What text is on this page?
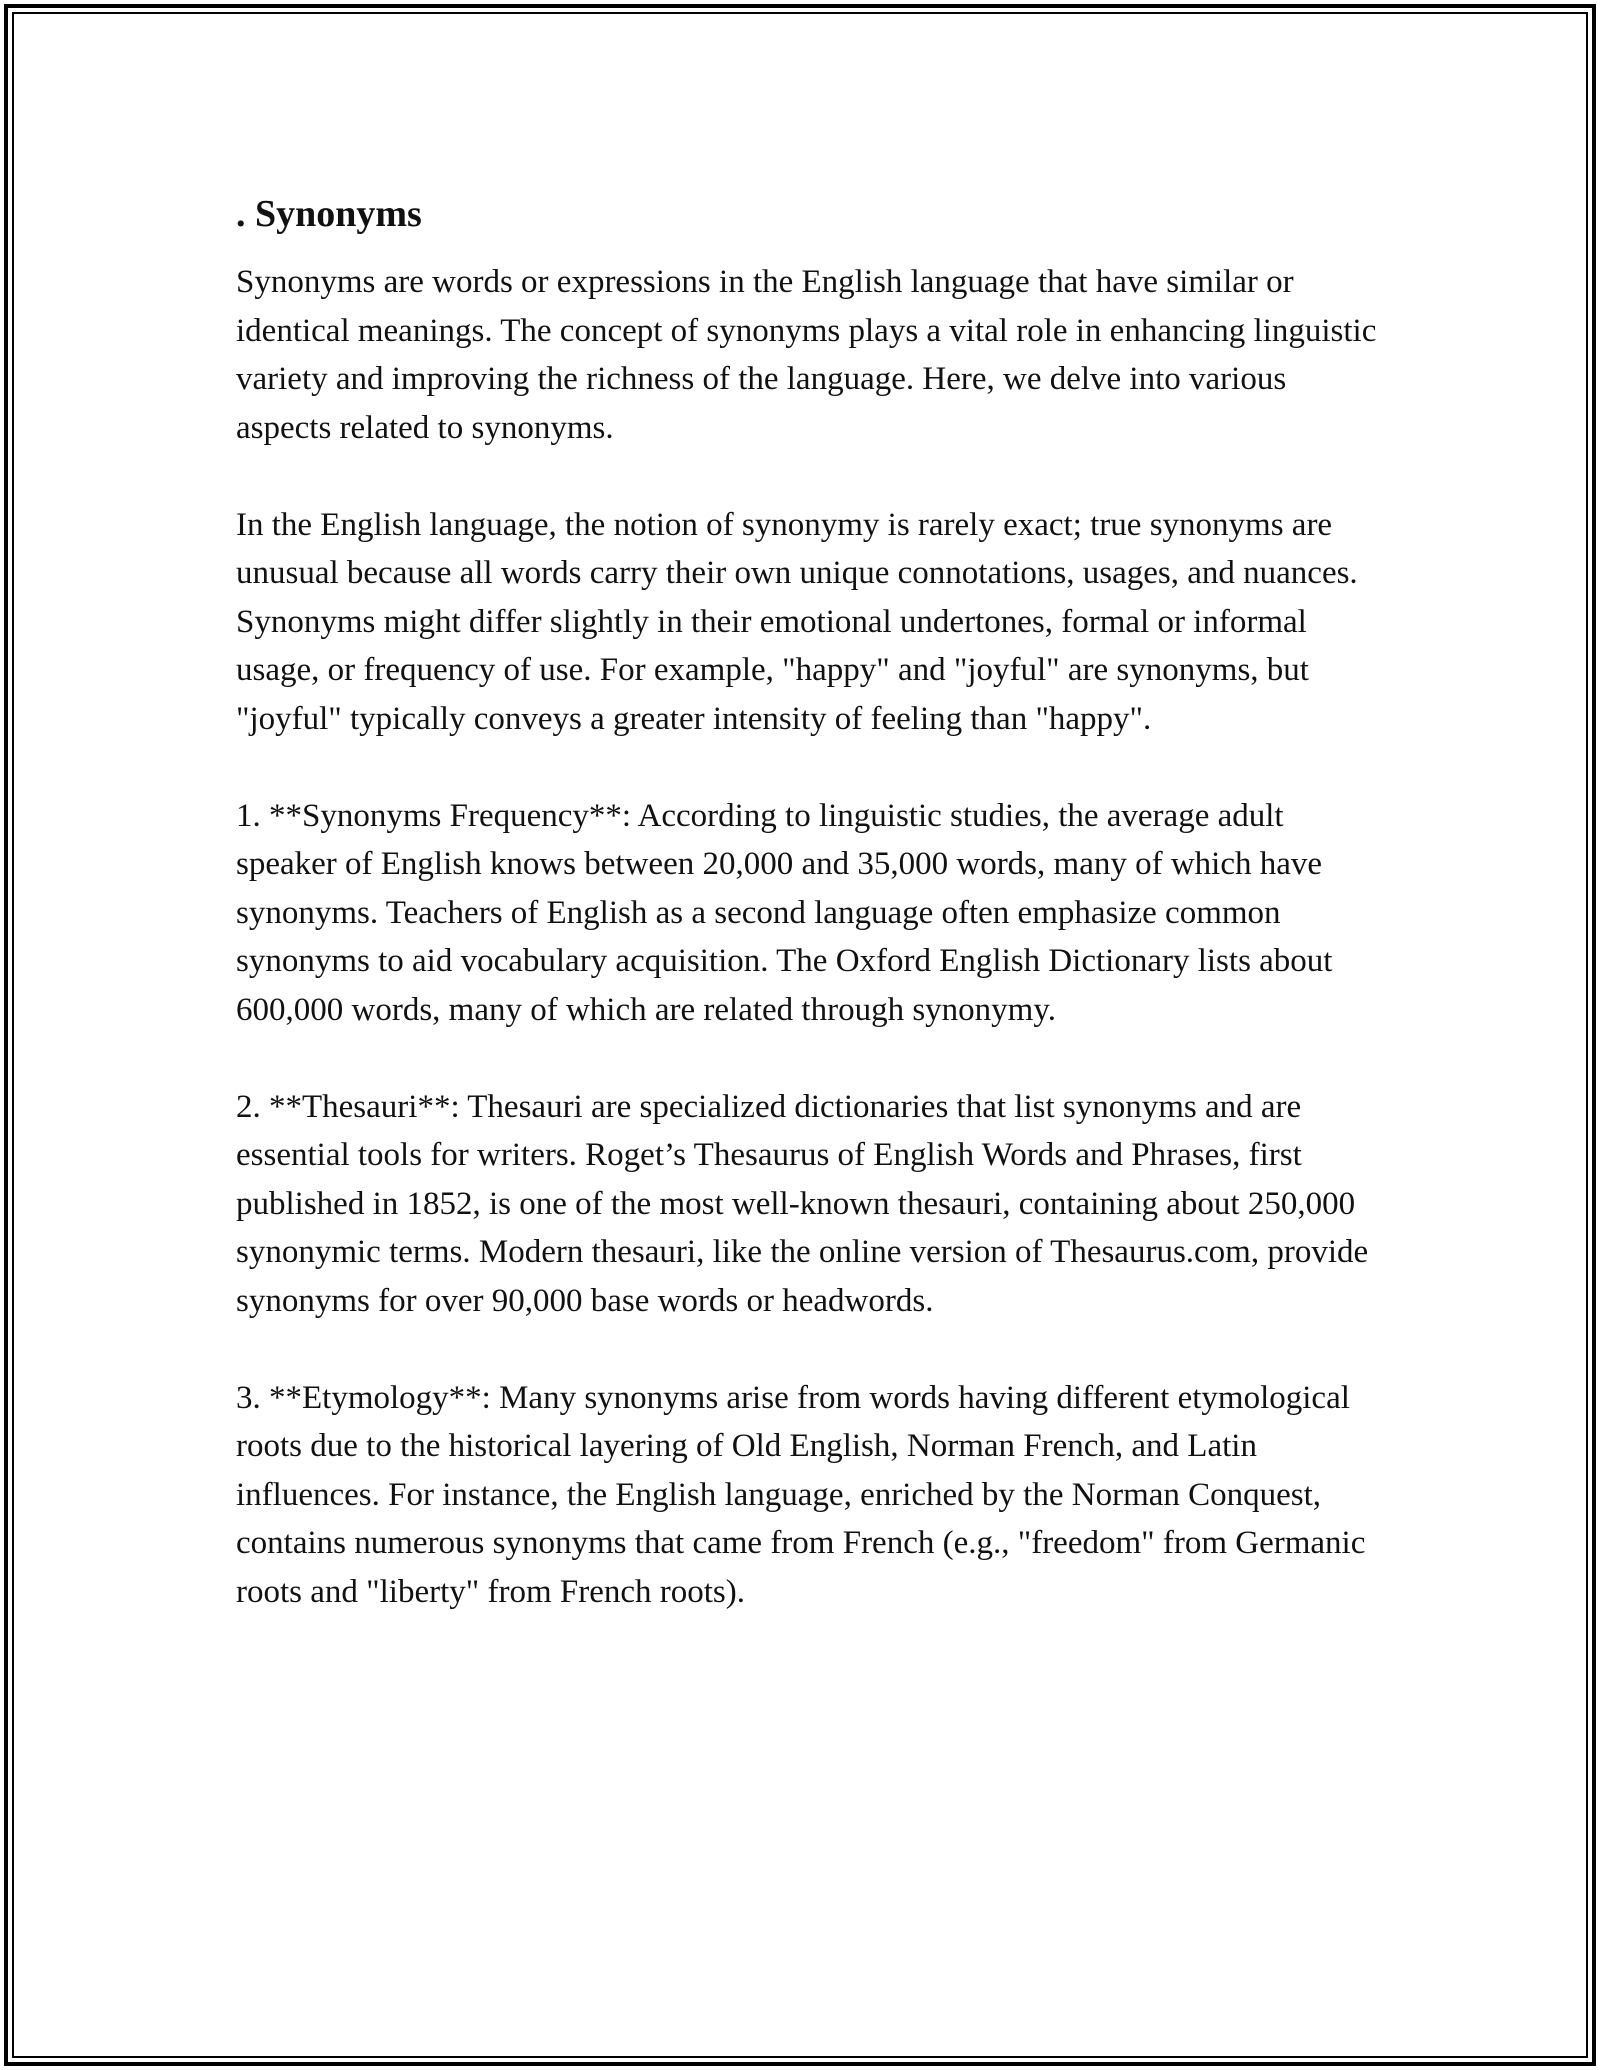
. Synonyms

Synonyms are words or expressions in the English language that have similar or identical meanings. The concept of synonyms plays a vital role in enhancing linguistic variety and improving the richness of the language. Here, we delve into various aspects related to synonyms.

In the English language, the notion of synonymy is rarely exact; true synonyms are unusual because all words carry their own unique connotations, usages, and nuances. Synonyms might differ slightly in their emotional undertones, formal or informal usage, or frequency of use. For example, "happy" and "joyful" are synonyms, but "joyful" typically conveys a greater intensity of feeling than "happy".

1. **Synonyms Frequency**: According to linguistic studies, the average adult speaker of English knows between 20,000 and 35,000 words, many of which have synonyms. Teachers of English as a second language often emphasize common synonyms to aid vocabulary acquisition. The Oxford English Dictionary lists about 600,000 words, many of which are related through synonymy.

2. **Thesauri**: Thesauri are specialized dictionaries that list synonyms and are essential tools for writers. Roget’s Thesaurus of English Words and Phrases, first published in 1852, is one of the most well-known thesauri, containing about 250,000 synonymic terms. Modern thesauri, like the online version of Thesaurus.com, provide synonyms for over 90,000 base words or headwords.

3. **Etymology**: Many synonyms arise from words having different etymological roots due to the historical layering of Old English, Norman French, and Latin influences. For instance, the English language, enriched by the Norman Conquest, contains numerous synonyms that came from French (e.g., "freedom" from Germanic roots and "liberty" from French roots).
